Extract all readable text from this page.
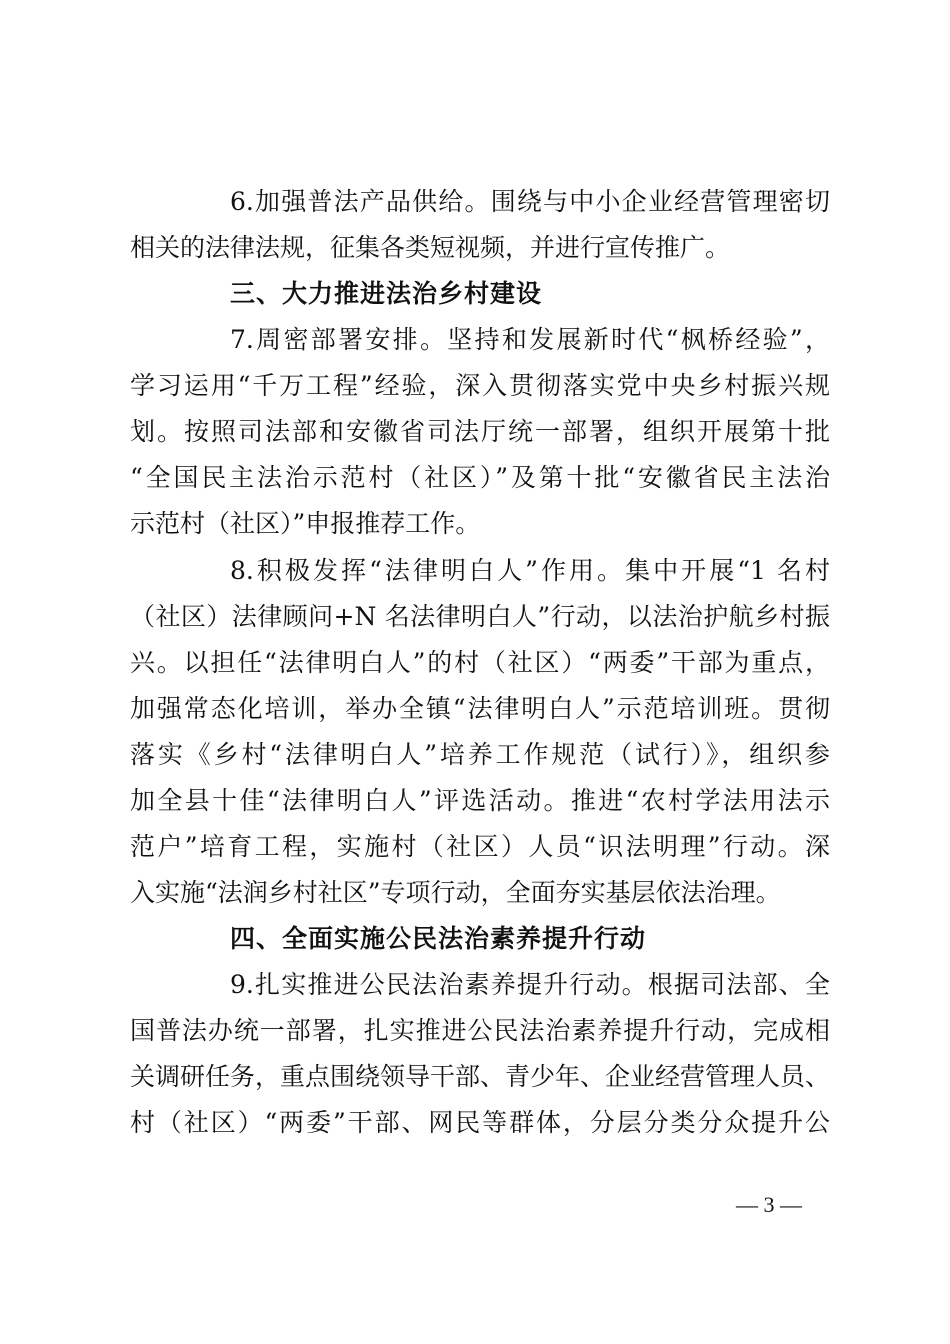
6.加强普法产品供给。围绕与中小企业经营管理密切
相关的法律法规，征集各类短视频，并进行宣传推广。
三、大力推进法治乡村建设
7.周密部署安排。坚持和发展新时代“枫桥经验”，
学习运用“千万工程”经验，深入贯彻落实党中央乡村振兴规
划。按照司法部和安徽省司法厅统一部署，组织开展第十批
“全国民主法治示范村（社区）”及第十批“安徽省民主法治
示范村（社区）”申报推荐工作。
8.积极发挥“法律明白人”作用。集中开展“1 名村
（社区）法律顾问+N 名法律明白人”行动，以法治护航乡村振
兴。以担任“法律明白人”的村（社区）“两委”干部为重点，
加强常态化培训，举办全镇“法律明白人”示范培训班。贯彻
落实《乡村“法律明白人”培养工作规范（试行）》，组织参
加全县十佳“法律明白人”评选活动。推进“农村学法用法示
范户”培育工程，实施村（社区）人员“识法明理”行动。深
入实施“法润乡村社区”专项行动，全面夯实基层依法治理。
四、全面实施公民法治素养提升行动
9.扎实推进公民法治素养提升行动。根据司法部、全
国普法办统一部署，扎实推进公民法治素养提升行动，完成相
关调研任务，重点围绕领导干部、青少年、企业经营管理人员、
村（社区）“两委”干部、网民等群体，分层分类分众提升公
— 3 —
